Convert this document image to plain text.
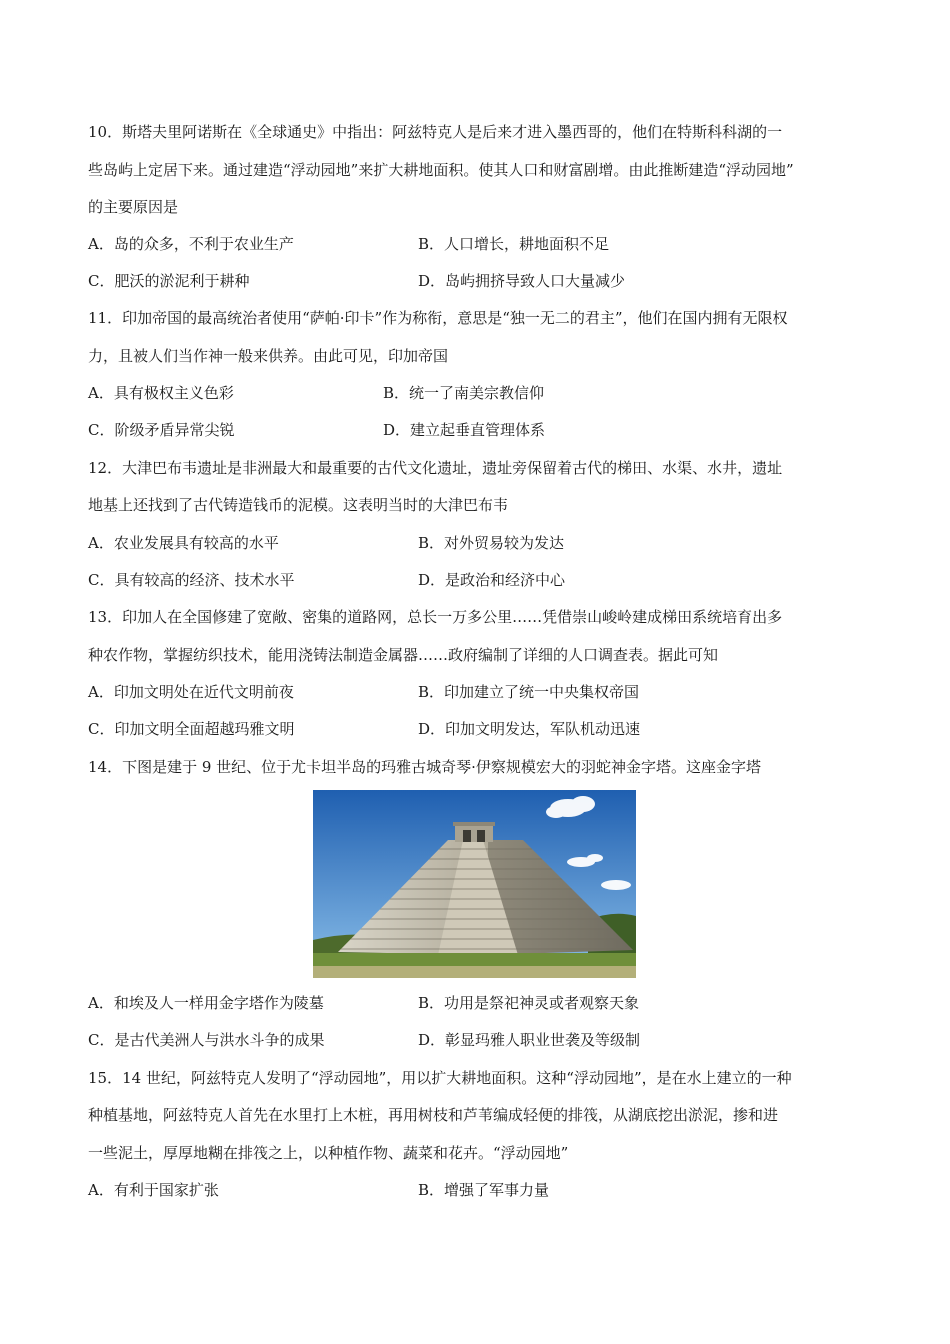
10．斯塔夫里阿诺斯在《全球通史》中指出：阿兹特克人是后来才进入墨西哥的，他们在特斯科科湖的一
些岛屿上定居下来。通过建造“浮动园地”来扩大耕地面积。使其人口和财富剧增。由此推断建造“浮动园地”
的主要原因是
A．岛的众多，不利于农业生产	B．人口增长，耕地面积不足
C．肥沃的淤泥利于耕种	D．岛屿拥挤导致人口大量减少
11．印加帝国的最高统治者使用“萨帕·印卡”作为称衔，意思是“独一无二的君主”，他们在国内拥有无限权
力，且被人们当作神一般来供养。由此可见，印加帝国
A．具有极权主义色彩	B．统一了南美宗教信仰
C．阶级矛盾异常尖锐	D．建立起垂直管理体系
12．大津巴布韦遗址是非洲最大和最重要的古代文化遗址，遗址旁保留着古代的梯田、水渠、水井，遗址
地基上还找到了古代铸造钱币的泥模。这表明当时的大津巴布韦
A．农业发展具有较高的水平	B．对外贸易较为发达
C．具有较高的经济、技术水平	D．是政治和经济中心
13．印加人在全国修建了宽敞、密集的道路网，总长一万多公里……凭借崇山峻岭建成梯田系统培育出多
种农作物，掌握纺织技术，能用浇铸法制造金属器……政府编制了详细的人口调查表。据此可知
A．印加文明处在近代文明前夜	B．印加建立了统一中央集权帝国
C．印加文明全面超越玛雅文明	D．印加文明发达，军队机动迅速
14．下图是建于 9 世纪、位于尤卡坦半岛的玛雅古城奇琴·伊察规模宏大的羽蛇神金字塔。这座金字塔
A．和埃及人一样用金字塔作为陵墓	B．功用是祭祀神灵或者观察天象
C．是古代美洲人与洪水斗争的成果	D．彰显玛雅人职业世袭及等级制
15．14 世纪，阿兹特克人发明了“浮动园地”，用以扩大耕地面积。这种“浮动园地”，是在水上建立的一种
种植基地，阿兹特克人首先在水里打上木桩，再用树枝和芦苇编成轻便的排筏，从湖底挖出淤泥，掺和进
一些泥土，厚厚地糊在排筏之上，以种植作物、蔬菜和花卉。“浮动园地”
A．有利于国家扩张	B．增强了军事力量
